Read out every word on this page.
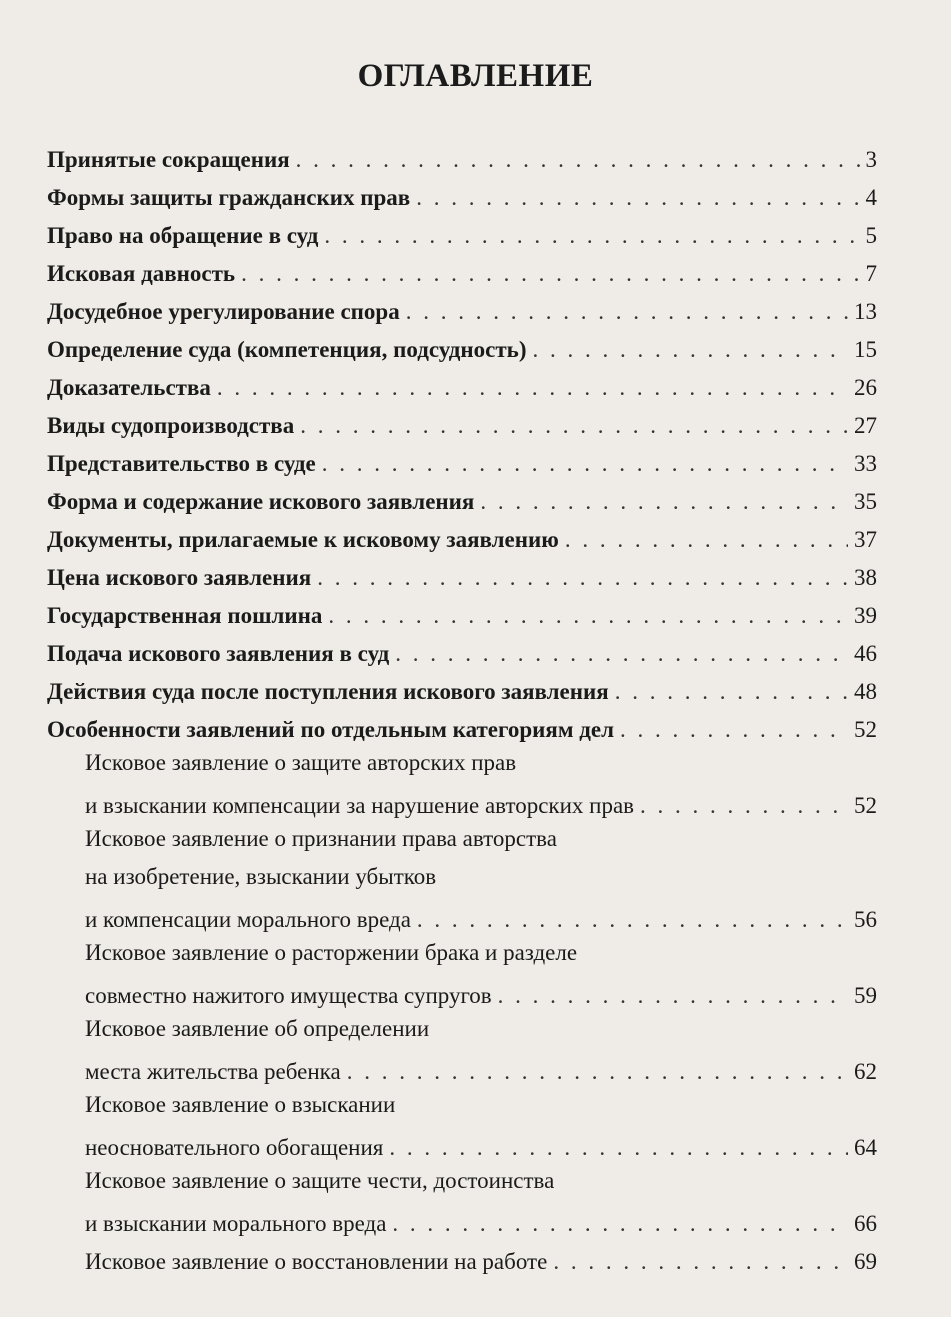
ОГЛАВЛЕНИЕ
Принятые сокращения . . .	3
Формы защиты гражданских прав . . .	4
Право на обращение в суд . . .	5
Исковая давность . . .	7
Досудебное урегулирование спора . . .	13
Определение суда (компетенция, подсудность) . . .	15
Доказательства . . .	26
Виды судопроизводства . . .	27
Представительство в суде . . .	33
Форма и содержание искового заявления . . .	35
Документы, прилагаемые к исковому заявлению . . .	37
Цена искового заявления . . .	38
Государственная пошлина . . .	39
Подача искового заявления в суд . . .	46
Действия суда после поступления искового заявления . . .	48
Особенности заявлений по отдельным категориям дел . . .	52
Исковое заявление о защите авторских прав
и взыскании компенсации за нарушение авторских прав . . .	52
Исковое заявление о признании права авторства
на изобретение, взыскании убытков
и компенсации морального вреда . . .	56
Исковое заявление о расторжении брака и разделе
совместно нажитого имущества супругов . . .	59
Исковое заявление об определении
места жительства ребенка . . .	62
Исковое заявление о взыскании
неосновательного обогащения . . .	64
Исковое заявление о защите чести, достоинства
и взыскании морального вреда . . .	66
Исковое заявление о восстановлении на работе . . .	69
